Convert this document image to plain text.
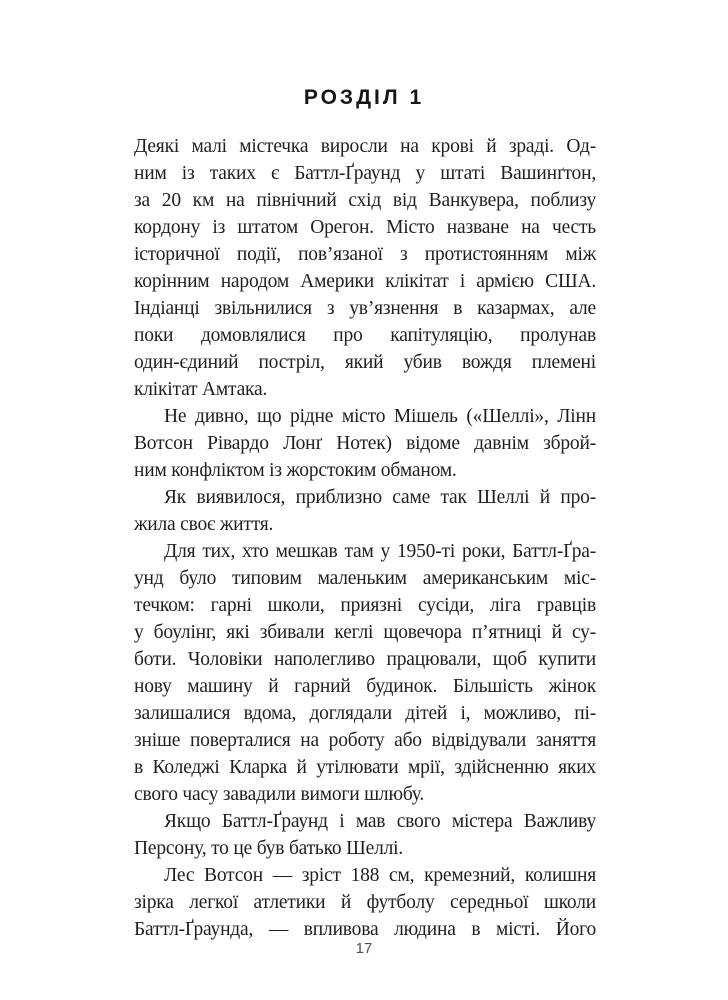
РОЗДІЛ 1
Деякі малі містечка виросли на крові й зраді. Од-
ним із таких є Баттл-Ґраунд у штаті Вашинґтон,
за 20 км на північний схід від Ванкувера, поблизу
кордону із штатом Орегон. Місто назване на честь
історичної події, пов’язаної з протистоянням між
корінним народом Америки клікітат і армією США.
Індіанці звільнилися з ув’язнення в казармах, але
поки домовлялися про капітуляцію, пролунав
один-єдиний постріл, який убив вождя племені
клікітат Амтака.
Не дивно, що рідне місто Мішель («Шеллі», Лінн
Вотсон Рівардо Лонґ Нотек) відоме давнім зброй-
ним конфліктом із жорстоким обманом.
Як виявилося, приблизно саме так Шеллі й про-
жила своє життя.
Для тих, хто мешкав там у 1950-ті роки, Баттл-Ґра-
унд було типовим маленьким американським міс-
течком: гарні школи, приязні сусіди, ліга гравців
у боулінг, які збивали кеглі щовечора п’ятниці й су-
боти. Чоловіки наполегливо працювали, щоб купити
нову машину й гарний будинок. Більшість жінок
залишалися вдома, доглядали дітей і, можливо, пі-
зніше поверталися на роботу або відвідували заняття
в Коледжі Кларка й утілювати мрії, здійсненню яких
свого часу завадили вимоги шлюбу.
Якщо Баттл-Ґраунд і мав свого містера Важливу
Персону, то це був батько Шеллі.
Лес Вотсон — зріст 188 см, кремезний, колишня
зірка легкої атлетики й футболу середньої школи
Баттл-Ґраунда, — впливова людина в місті. Його
17
